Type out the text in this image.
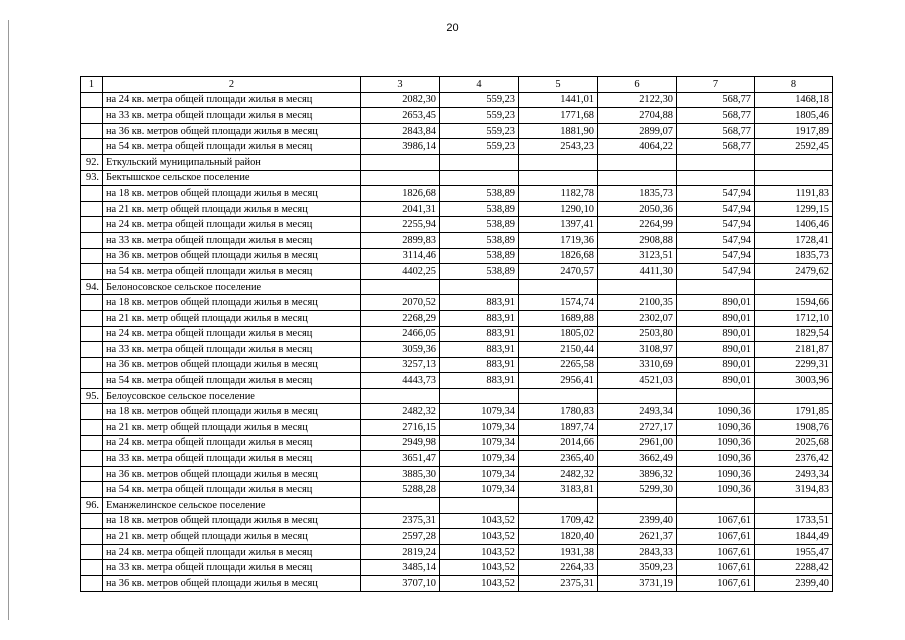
20
1	2	3	4	5	6	7	8
	на 24 кв. метра общей площади жилья в месяц	2082,30	559,23	1441,01	2122,30	568,77	1468,18
	на 33 кв. метра общей площади жилья в месяц	2653,45	559,23	1771,68	2704,88	568,77	1805,46
	на 36 кв. метров общей площади жилья в месяц	2843,84	559,23	1881,90	2899,07	568,77	1917,89
	на 54 кв. метра общей площади жилья в месяц	3986,14	559,23	2543,23	4064,22	568,77	2592,45
92.	Еткульский муниципальный район						
93.	Бектышское сельское поселение						
	на 18 кв. метров общей площади жилья в месяц	1826,68	538,89	1182,78	1835,73	547,94	1191,83
	на 21 кв. метр общей площади жилья в месяц	2041,31	538,89	1290,10	2050,36	547,94	1299,15
	на 24 кв. метра общей площади жилья в месяц	2255,94	538,89	1397,41	2264,99	547,94	1406,46
	на 33 кв. метра общей площади жилья в месяц	2899,83	538,89	1719,36	2908,88	547,94	1728,41
	на 36 кв. метров общей площади жилья в месяц	3114,46	538,89	1826,68	3123,51	547,94	1835,73
	на 54 кв. метра общей площади жилья в месяц	4402,25	538,89	2470,57	4411,30	547,94	2479,62
94.	Белоносовское сельское поселение						
	на 18 кв. метров общей площади жилья в месяц	2070,52	883,91	1574,74	2100,35	890,01	1594,66
	на 21 кв. метр общей площади жилья в месяц	2268,29	883,91	1689,88	2302,07	890,01	1712,10
	на 24 кв. метра общей площади жилья в месяц	2466,05	883,91	1805,02	2503,80	890,01	1829,54
	на 33 кв. метра общей площади жилья в месяц	3059,36	883,91	2150,44	3108,97	890,01	2181,87
	на 36 кв. метров общей площади жилья в месяц	3257,13	883,91	2265,58	3310,69	890,01	2299,31
	на 54 кв. метра общей площади жилья в месяц	4443,73	883,91	2956,41	4521,03	890,01	3003,96
95.	Белоусовское сельское поселение						
	на 18 кв. метров общей площади жилья в месяц	2482,32	1079,34	1780,83	2493,34	1090,36	1791,85
	на 21 кв. метр общей площади жилья в месяц	2716,15	1079,34	1897,74	2727,17	1090,36	1908,76
	на 24 кв. метра общей площади жилья в месяц	2949,98	1079,34	2014,66	2961,00	1090,36	2025,68
	на 33 кв. метра общей площади жилья в месяц	3651,47	1079,34	2365,40	3662,49	1090,36	2376,42
	на 36 кв. метров общей площади жилья в месяц	3885,30	1079,34	2482,32	3896,32	1090,36	2493,34
	на 54 кв. метра общей площади жилья в месяц	5288,28	1079,34	3183,81	5299,30	1090,36	3194,83
96.	Еманжелинское сельское поселение						
	на 18 кв. метров общей площади жилья в месяц	2375,31	1043,52	1709,42	2399,40	1067,61	1733,51
	на 21 кв. метр общей площади жилья в месяц	2597,28	1043,52	1820,40	2621,37	1067,61	1844,49
	на 24 кв. метра общей площади жилья в месяц	2819,24	1043,52	1931,38	2843,33	1067,61	1955,47
	на 33 кв. метра общей площади жилья в месяц	3485,14	1043,52	2264,33	3509,23	1067,61	2288,42
	на 36 кв. метров общей площади жилья в месяц	3707,10	1043,52	2375,31	3731,19	1067,61	2399,40
